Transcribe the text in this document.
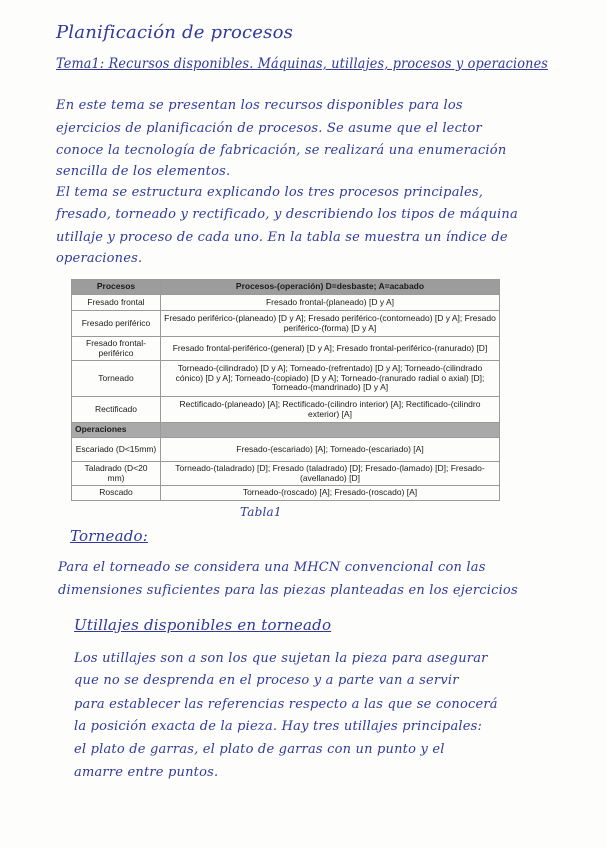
Planificación de procesos
Tema1: Recursos disponibles. Máquinas, utillajes, procesos y operaciones
En este tema se presentan los recursos disponibles para los
ejercicios de planificación de procesos. Se asume que el lector
conoce la tecnología de fabricación, se realizará una enumeración
sencilla de los elementos.
El tema se estructura explicando los tres procesos principales,
fresado, torneado y rectificado, y describiendo los tipos de máquina
utillaje y proceso de cada uno. En la tabla se muestra un índice de
operaciones.
Procesos	Procesos-(operación) D=desbaste; A=acabado
Fresado frontal	Fresado frontal-(planeado) [D y A]
Fresado periférico	Fresado periférico-(planeado) [D y A]; Fresado periférico-(contorneado) [D y A]; Fresado periférico-(forma) [D y A]
Fresado frontal-periférico	Fresado frontal-periférico-(general) [D y A]; Fresado frontal-periférico-(ranurado) [D]
Torneado	Torneado-(cilindrado) [D y A]; Torneado-(refrentado) [D y A]; Torneado-(cilindrado cónico) [D y A]; Torneado-(copiado) [D y A]; Torneado-(ranurado radial o axial) [D]; Torneado-(mandrinado) [D y A]
Rectificado	Rectificado-(planeado) [A]; Rectificado-(cilindro interior) [A]; Rectificado-(cilindro exterior) [A]
Operaciones	
Escariado (D<15mm)	Fresado-(escariado) [A]; Torneado-(escariado) [A]
Taladrado (D<20 mm)	Torneado-(taladrado) [D]; Fresado (taladrado) [D]; Fresado-(lamado) [D]; Fresado-(avellanado) [D]
Roscado	Torneado-(roscado) [A]; Fresado-(roscado) [A]
Tabla1
Torneado:
Para el torneado se considera una MHCN convencional con las
dimensiones suficientes para las piezas planteadas en los ejercicios
Utillajes disponibles en torneado
Los utillajes son a son los que sujetan la pieza para asegurar
que no se desprenda en el proceso y a parte van a servir
para establecer las referencias respecto a las que se conocerá
la posición exacta de la pieza. Hay tres utillajes principales:
el plato de garras, el plato de garras con un punto y el
amarre entre puntos.
